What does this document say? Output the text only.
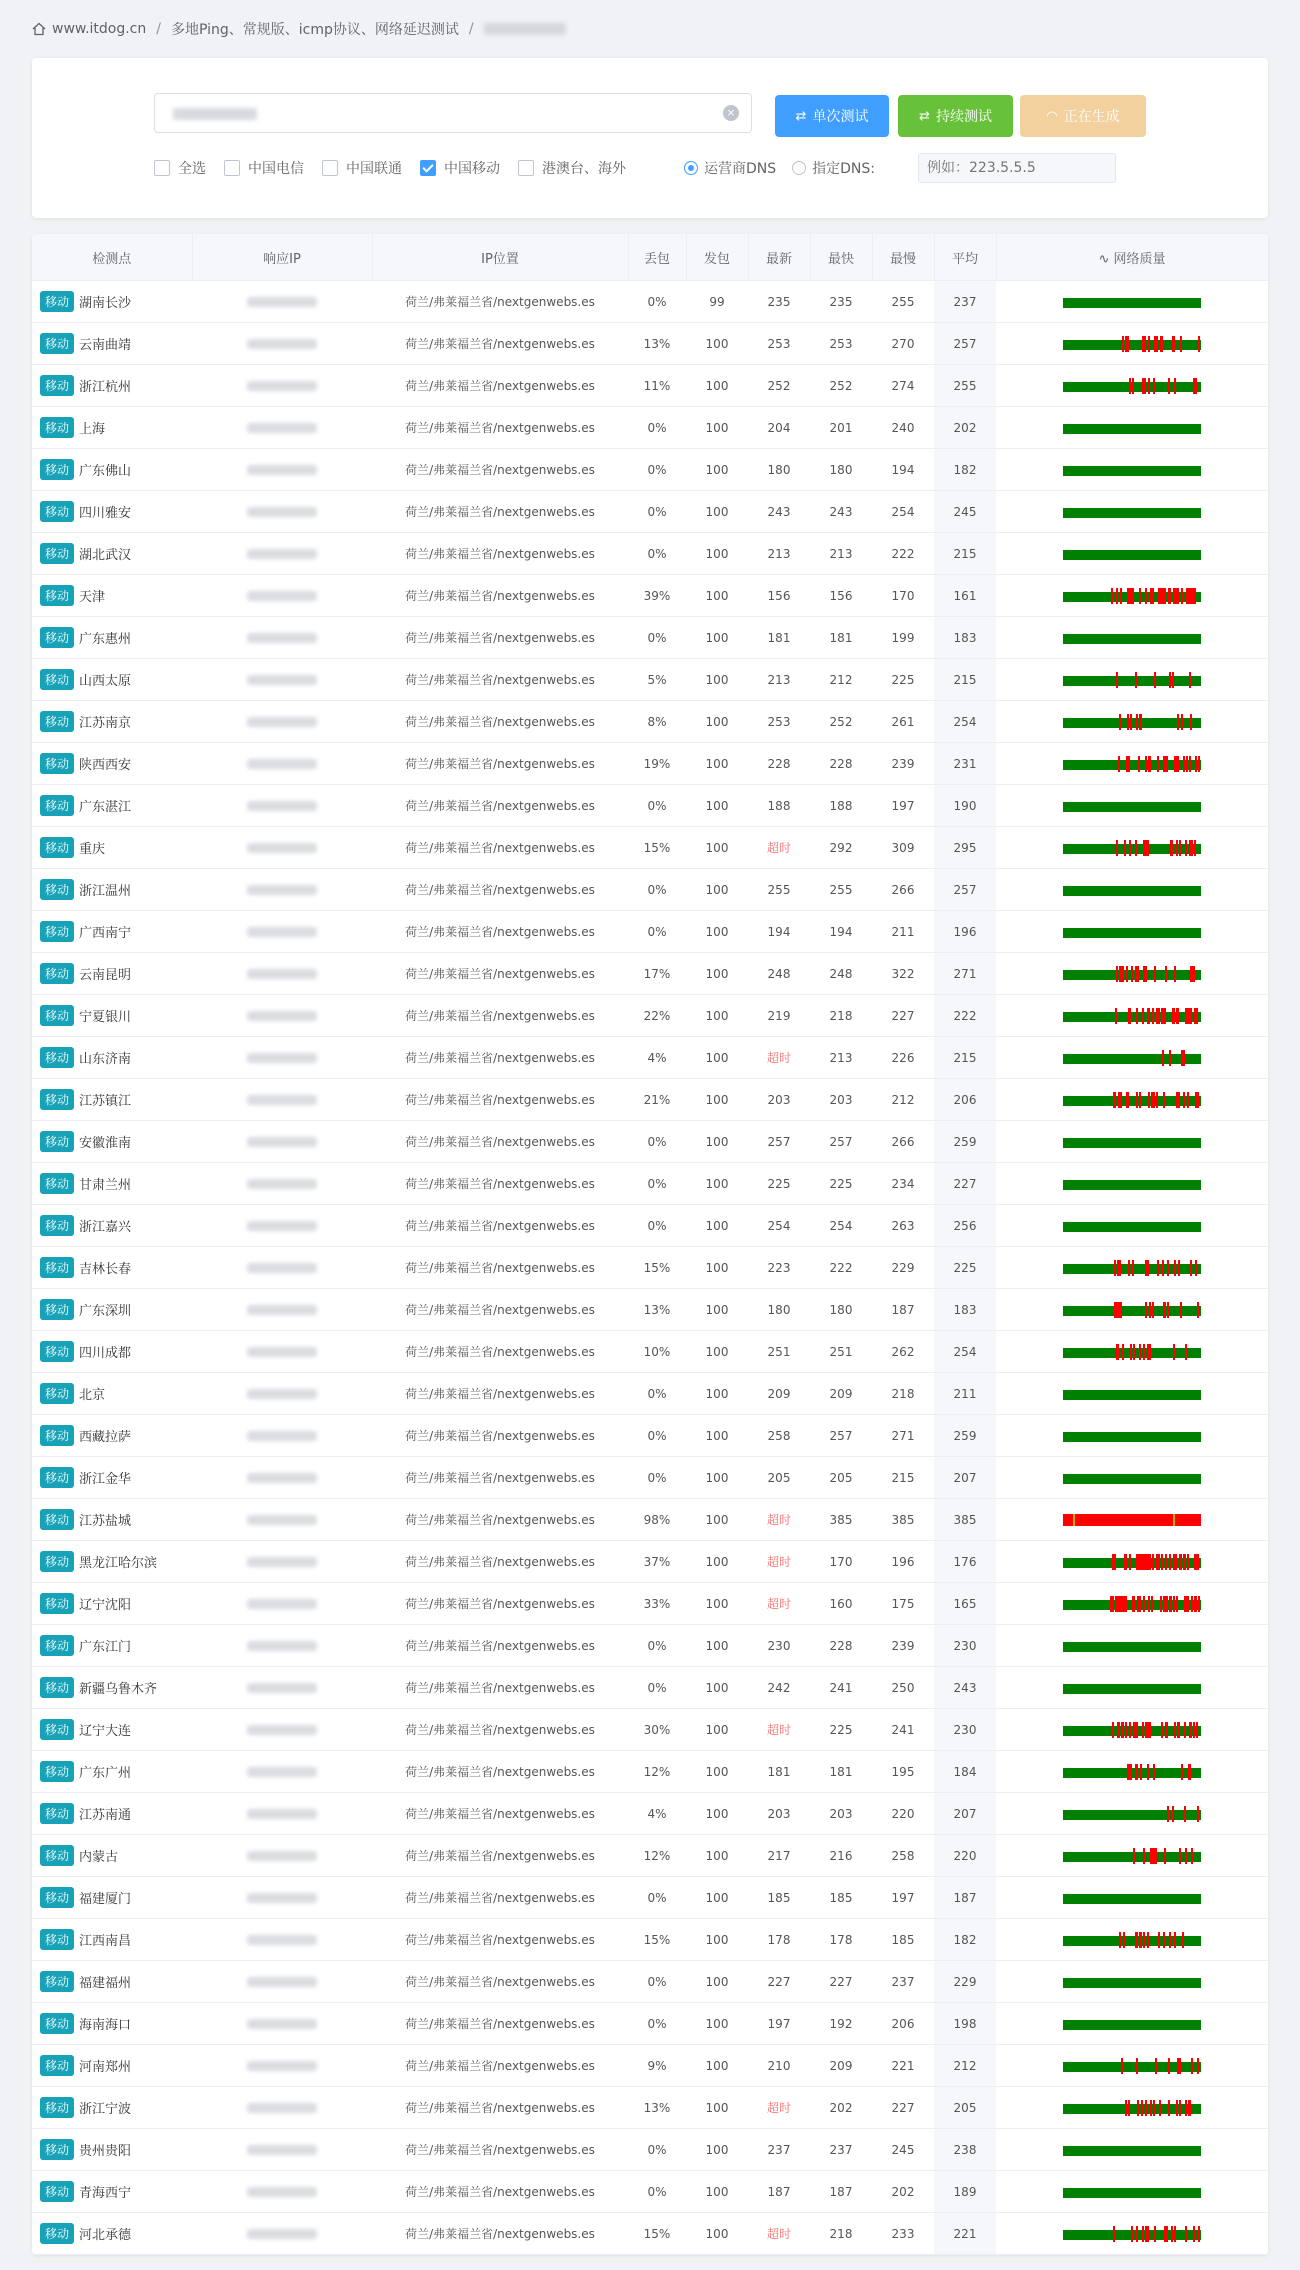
www.itdog.cn / 多地Ping、常规版、icmp协议、网络延迟测试 /
×	⇄ 单次测试	⇄ 持续测试	◠ 正在生成
全选	中国电信	中国联通	中国移动	港澳台、海外	运营商DNS	指定DNS:
例如：223.5.5.5
检测点	响应IP	IP位置	丢包	发包	最新	最快	最慢	平均	∿ 网络质量
移动 湖南长沙		荷兰/弗莱福兰省/nextgenwebs.es	0%	99	235	235	255	237	

移动 云南曲靖		荷兰/弗莱福兰省/nextgenwebs.es	13%	100	253	253	270	257	

移动 浙江杭州		荷兰/弗莱福兰省/nextgenwebs.es	11%	100	252	252	274	255	

移动 上海		荷兰/弗莱福兰省/nextgenwebs.es	0%	100	204	201	240	202	

移动 广东佛山		荷兰/弗莱福兰省/nextgenwebs.es	0%	100	180	180	194	182	

移动 四川雅安		荷兰/弗莱福兰省/nextgenwebs.es	0%	100	243	243	254	245	

移动 湖北武汉		荷兰/弗莱福兰省/nextgenwebs.es	0%	100	213	213	222	215	

移动 天津		荷兰/弗莱福兰省/nextgenwebs.es	39%	100	156	156	170	161	

移动 广东惠州		荷兰/弗莱福兰省/nextgenwebs.es	0%	100	181	181	199	183	

移动 山西太原		荷兰/弗莱福兰省/nextgenwebs.es	5%	100	213	212	225	215	

移动 江苏南京		荷兰/弗莱福兰省/nextgenwebs.es	8%	100	253	252	261	254	

移动 陕西西安		荷兰/弗莱福兰省/nextgenwebs.es	19%	100	228	228	239	231	

移动 广东湛江		荷兰/弗莱福兰省/nextgenwebs.es	0%	100	188	188	197	190	

移动 重庆		荷兰/弗莱福兰省/nextgenwebs.es	15%	100	超时	292	309	295	

移动 浙江温州		荷兰/弗莱福兰省/nextgenwebs.es	0%	100	255	255	266	257	

移动 广西南宁		荷兰/弗莱福兰省/nextgenwebs.es	0%	100	194	194	211	196	

移动 云南昆明		荷兰/弗莱福兰省/nextgenwebs.es	17%	100	248	248	322	271	

移动 宁夏银川		荷兰/弗莱福兰省/nextgenwebs.es	22%	100	219	218	227	222	

移动 山东济南		荷兰/弗莱福兰省/nextgenwebs.es	4%	100	超时	213	226	215	

移动 江苏镇江		荷兰/弗莱福兰省/nextgenwebs.es	21%	100	203	203	212	206	

移动 安徽淮南		荷兰/弗莱福兰省/nextgenwebs.es	0%	100	257	257	266	259	

移动 甘肃兰州		荷兰/弗莱福兰省/nextgenwebs.es	0%	100	225	225	234	227	

移动 浙江嘉兴		荷兰/弗莱福兰省/nextgenwebs.es	0%	100	254	254	263	256	

移动 吉林长春		荷兰/弗莱福兰省/nextgenwebs.es	15%	100	223	222	229	225	

移动 广东深圳		荷兰/弗莱福兰省/nextgenwebs.es	13%	100	180	180	187	183	

移动 四川成都		荷兰/弗莱福兰省/nextgenwebs.es	10%	100	251	251	262	254	

移动 北京		荷兰/弗莱福兰省/nextgenwebs.es	0%	100	209	209	218	211	

移动 西藏拉萨		荷兰/弗莱福兰省/nextgenwebs.es	0%	100	258	257	271	259	

移动 浙江金华		荷兰/弗莱福兰省/nextgenwebs.es	0%	100	205	205	215	207	

移动 江苏盐城		荷兰/弗莱福兰省/nextgenwebs.es	98%	100	超时	385	385	385	

移动 黑龙江哈尔滨		荷兰/弗莱福兰省/nextgenwebs.es	37%	100	超时	170	196	176	

移动 辽宁沈阳		荷兰/弗莱福兰省/nextgenwebs.es	33%	100	超时	160	175	165	

移动 广东江门		荷兰/弗莱福兰省/nextgenwebs.es	0%	100	230	228	239	230	

移动 新疆乌鲁木齐		荷兰/弗莱福兰省/nextgenwebs.es	0%	100	242	241	250	243	

移动 辽宁大连		荷兰/弗莱福兰省/nextgenwebs.es	30%	100	超时	225	241	230	

移动 广东广州		荷兰/弗莱福兰省/nextgenwebs.es	12%	100	181	181	195	184	

移动 江苏南通		荷兰/弗莱福兰省/nextgenwebs.es	4%	100	203	203	220	207	

移动 内蒙古		荷兰/弗莱福兰省/nextgenwebs.es	12%	100	217	216	258	220	

移动 福建厦门		荷兰/弗莱福兰省/nextgenwebs.es	0%	100	185	185	197	187	

移动 江西南昌		荷兰/弗莱福兰省/nextgenwebs.es	15%	100	178	178	185	182	

移动 福建福州		荷兰/弗莱福兰省/nextgenwebs.es	0%	100	227	227	237	229	

移动 海南海口		荷兰/弗莱福兰省/nextgenwebs.es	0%	100	197	192	206	198	

移动 河南郑州		荷兰/弗莱福兰省/nextgenwebs.es	9%	100	210	209	221	212	

移动 浙江宁波		荷兰/弗莱福兰省/nextgenwebs.es	13%	100	超时	202	227	205	

移动 贵州贵阳		荷兰/弗莱福兰省/nextgenwebs.es	0%	100	237	237	245	238	

移动 青海西宁		荷兰/弗莱福兰省/nextgenwebs.es	0%	100	187	187	202	189	

移动 河北承德		荷兰/弗莱福兰省/nextgenwebs.es	15%	100	超时	218	233	221	
